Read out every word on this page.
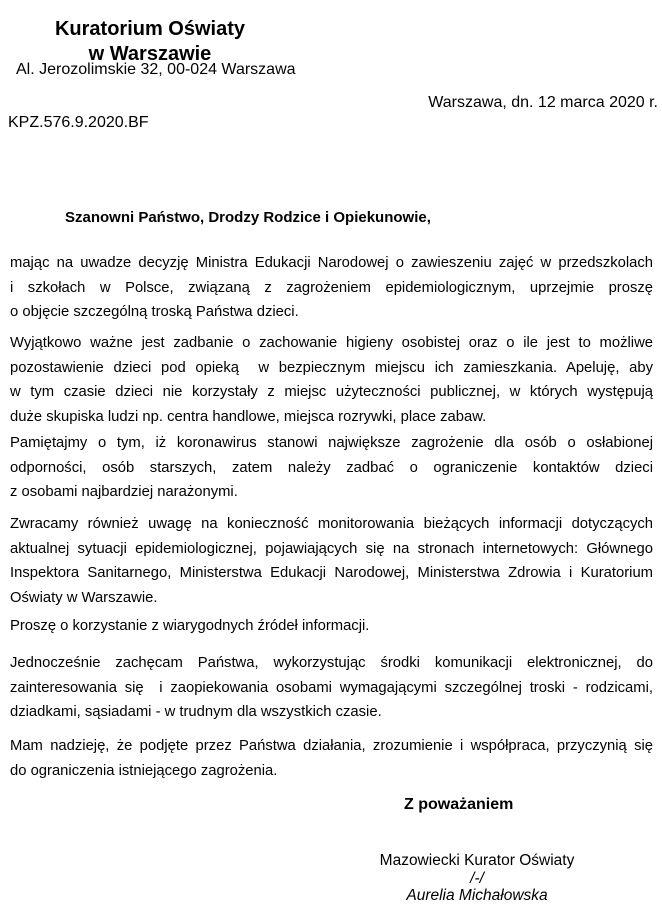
Kuratorium Oświaty
w Warszawie
Al. Jerozolimskie 32, 00-024 Warszawa
Warszawa, dn. 12 marca 2020 r.
KPZ.576.9.2020.BF
Szanowni Państwo, Drodzy Rodzice i Opiekunowie,
mając na uwadze decyzję Ministra Edukacji Narodowej o zawieszeniu zajęć w przedszkolach
i szkołach w Polsce, związaną z zagrożeniem epidemiologicznym, uprzejmie proszę
o objęcie szczególną troską Państwa dzieci.
Wyjątkowo ważne jest zadbanie o zachowanie higieny osobistej oraz o ile jest to możliwe
pozostawienie dzieci pod opieką  w bezpiecznym miejscu ich zamieszkania. Apeluję, aby
w tym czasie dzieci nie korzystały z miejsc użyteczności publicznej, w których występują
duże skupiska ludzi np. centra handlowe, miejsca rozrywki, place zabaw.
Pamiętajmy o tym, iż koronawirus stanowi największe zagrożenie dla osób o osłabionej
odporności, osób starszych, zatem należy zadbać o ograniczenie kontaktów dzieci
z osobami najbardziej narażonymi.
Zwracamy również uwagę na konieczność monitorowania bieżących informacji dotyczących
aktualnej sytuacji epidemiologicznej, pojawiających się na stronach internetowych: Głównego
Inspektora Sanitarnego, Ministerstwa Edukacji Narodowej, Ministerstwa Zdrowia i Kuratorium
Oświaty w Warszawie.
Proszę o korzystanie z wiarygodnych źródeł informacji.
Jednocześnie zachęcam Państwa, wykorzystując środki komunikacji elektronicznej, do
zainteresowania się  i zaopiekowania osobami wymagającymi szczególnej troski - rodzicami,
dziadkami, sąsiadami - w trudnym dla wszystkich czasie.
Mam nadzieję, że podjęte przez Państwa działania, zrozumienie i współpraca, przyczynią się
do ograniczenia istniejącego zagrożenia.
Z poważaniem
Mazowiecki Kurator Oświaty
/-/
Aurelia Michałowska
